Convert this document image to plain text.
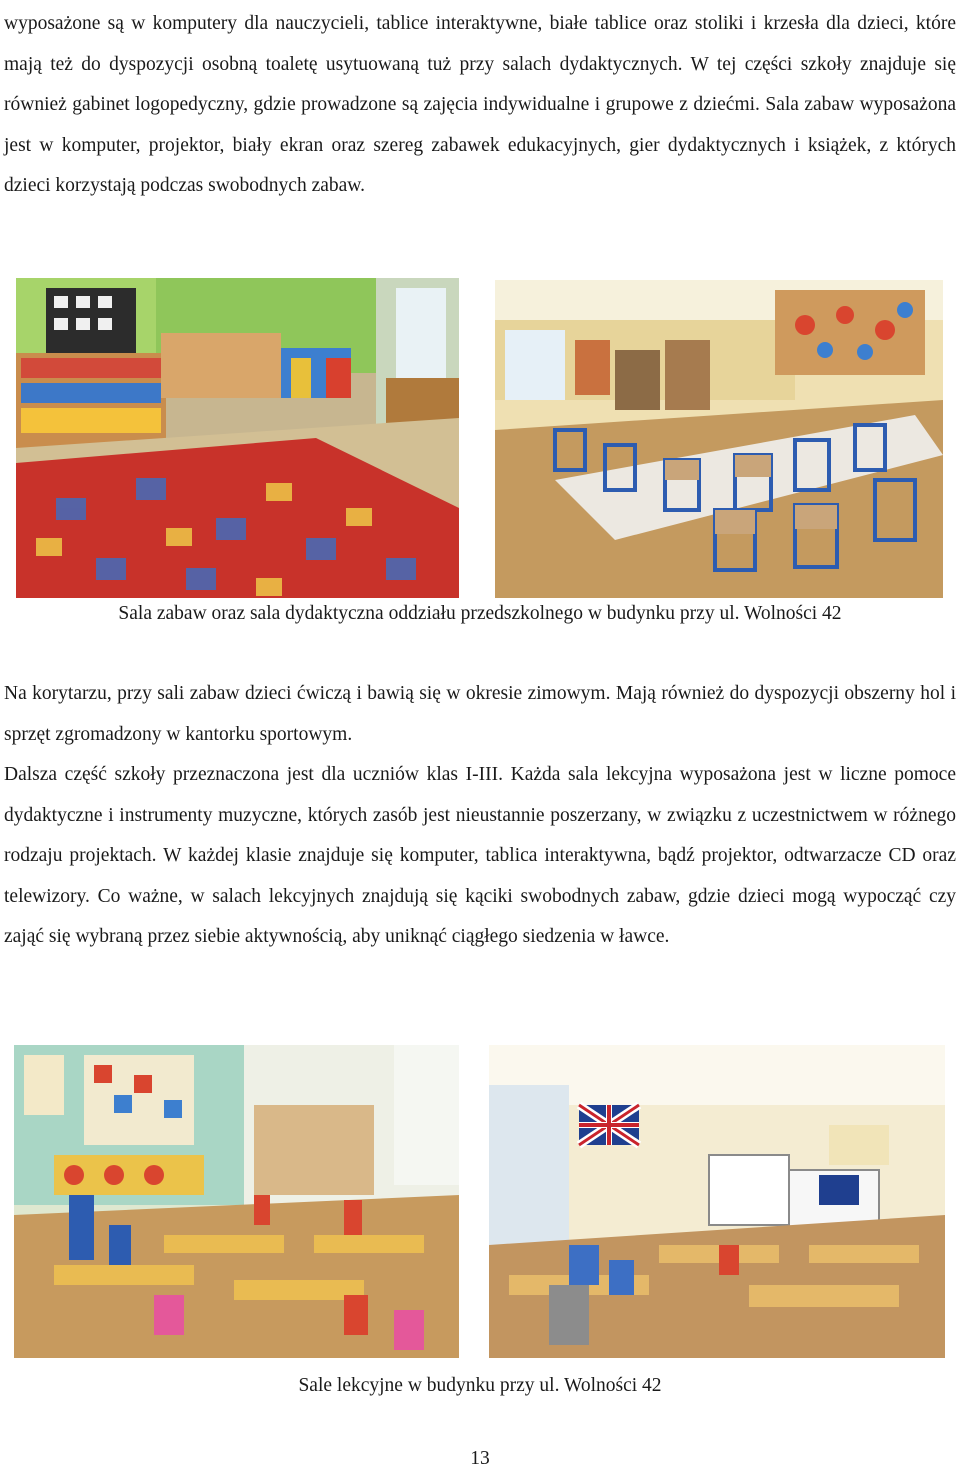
wyposażone są w komputery dla nauczycieli, tablice interaktywne, białe tablice oraz stoliki i krzesła dla dzieci, które mają też do dyspozycji osobną toaletę usytuowaną tuż przy salach dydaktycznych. W tej części szkoły znajduje się również gabinet logopedyczny, gdzie prowadzone są zajęcia indywidualne i grupowe z dziećmi. Sala zabaw wyposażona jest w komputer, projektor, biały ekran oraz szereg zabawek edukacyjnych, gier dydaktycznych i książek, z których dzieci korzystają podczas swobodnych zabaw.

Sala zabaw oraz sala dydaktyczna oddziału przedszkolnego w budynku przy ul. Wolności 42

Na korytarzu, przy sali zabaw dzieci ćwiczą i bawią się w okresie zimowym. Mają również do dyspozycji obszerny hol i sprzęt zgromadzony w kantorku sportowym.

Dalsza część szkoły przeznaczona jest dla uczniów klas I-III. Każda sala lekcyjna wyposażona jest w liczne pomoce dydaktyczne i instrumenty muzyczne, których zasób jest nieustannie poszerzany, w związku z uczestnictwem w różnego rodzaju projektach. W każdej klasie znajduje się komputer, tablica interaktywna, bądź projektor, odtwarzacze CD oraz telewizory. Co ważne, w salach lekcyjnych znajdują się kąciki swobodnych zabaw, gdzie dzieci mogą wypocząć czy zająć się wybraną przez siebie aktywnością, aby uniknąć ciągłego siedzenia w ławce.

Sale lekcyjne w budynku przy ul. Wolności 42

13
